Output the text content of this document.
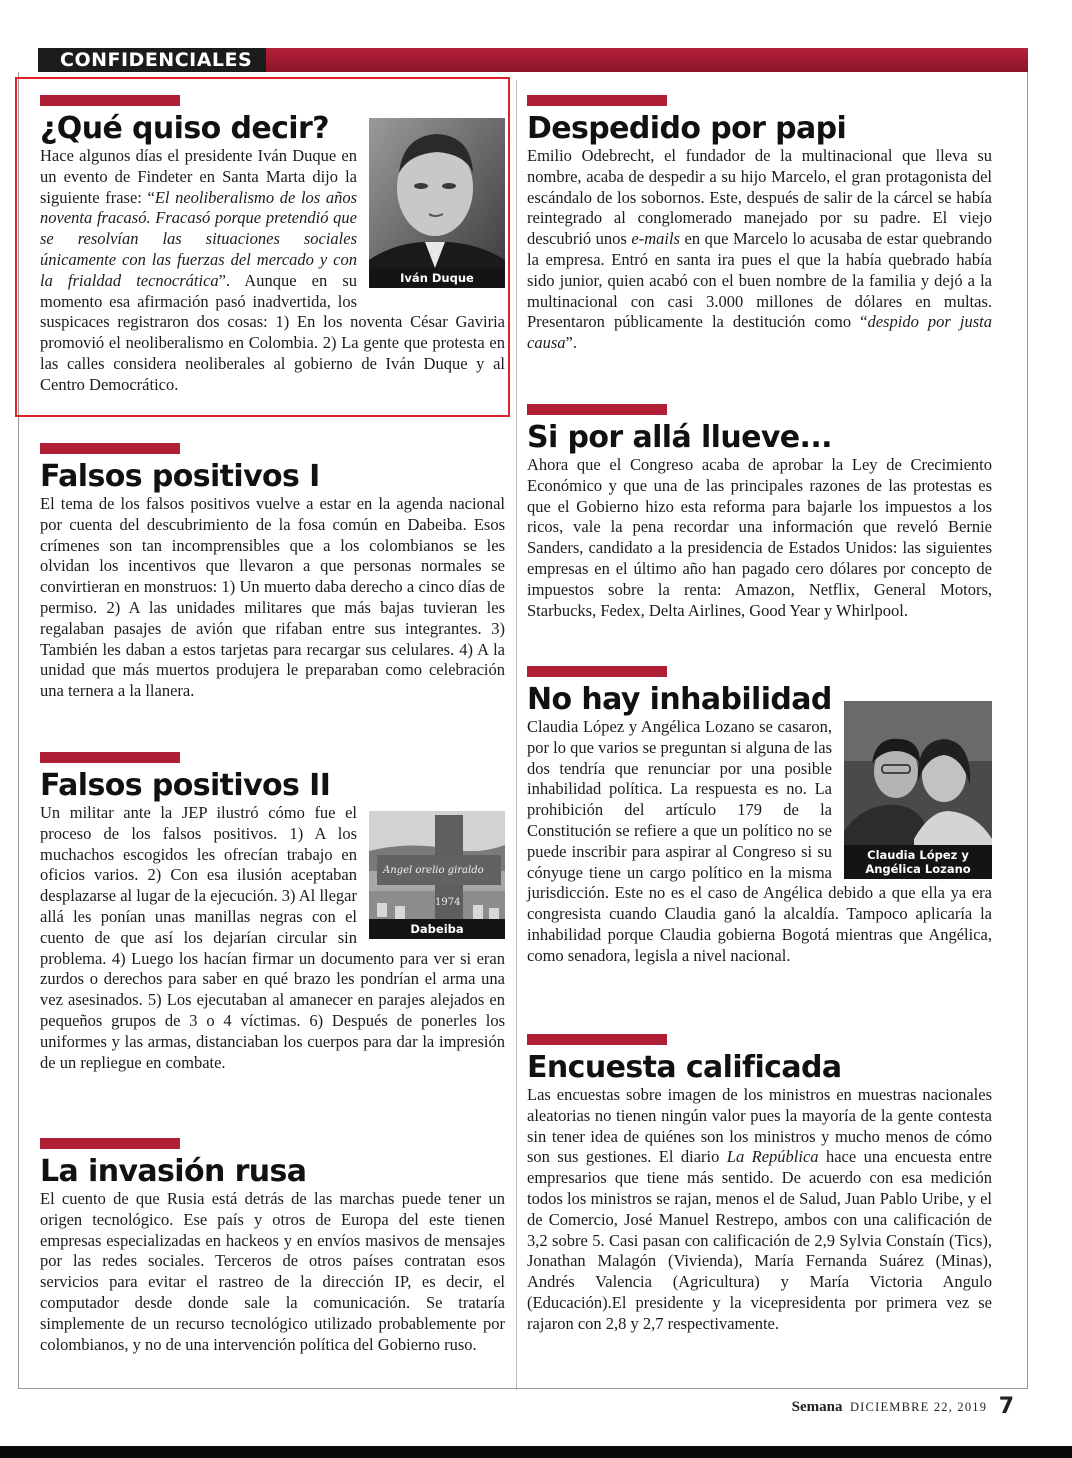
CONFIDENCIALES
¿Qué quiso decir?
Iván Duque

Hace algunos días el presidente Iván Duque en un evento de Findeter en Santa Marta dijo la siguiente frase: “El neoliberalismo de los años noventa fracasó. Fracasó porque pretendió que se resolvían las situaciones sociales únicamente con las fuerzas del mercado y con la frialdad tecnocrática”. Aunque en su momento esa afirmación pasó inadvertida, los suspicaces registraron dos cosas: 1) En los noventa César Gaviria promovió el neoliberalismo en Colombia. 2) La gente que protesta en las calles considera neoliberales al gobierno de Iván Duque y al Centro Democrático.

Falsos positivos I

El tema de los falsos positivos vuelve a estar en la agenda nacional por cuenta del descubrimiento de la fosa común en Dabeiba. Esos crímenes son tan incomprensibles que a los colombianos se les olvidan los incentivos que llevaron a que personas normales se convirtieran en monstruos: 1) Un muerto daba derecho a cinco días de permiso. 2) A las unidades militares que más bajas tuvieran les regalaban pasajes de avión que rifaban entre sus integrantes. 3) También les daban a estos tarjetas para recargar sus celulares. 4) A la unidad que más muertos produjera le preparaban como celebración una ternera a la llanera.

Falsos positivos II
Angel orelio giraldo
1974
Dabeiba

Un militar ante la JEP ilustró cómo fue el proceso de los falsos positivos. 1) A los muchachos escogidos les ofrecían trabajo en oficios varios. 2) Con esa ilusión aceptaban desplazarse al lugar de la ejecución. 3) Al llegar allá les ponían unas manillas negras con el cuento de que así los dejarían circular sin problema. 4) Luego los hacían firmar un documento para ver si eran zurdos o derechos para saber en qué brazo les pondrían el arma una vez asesinados. 5) Los ejecutaban al amanecer en parajes alejados en pequeños grupos de 3 o 4 víctimas. 6) Después de ponerles los uniformes y las armas, distanciaban los cuerpos para dar la impresión de un repliegue en combate.

La invasión rusa

El cuento de que Rusia está detrás de las marchas puede tener un origen tecnológico. Ese país y otros de Europa del este tienen empresas especializadas en hackeos y en envíos masivos de mensajes por las redes sociales. Terceros de otros países contratan esos servicios para evitar el rastreo de la dirección IP, es decir, el computador desde donde sale la comunicación. Se trataría simplemente de un recurso tecnológico utilizado probablemente por colombianos, y no de una intervención política del Gobierno ruso.

Despedido por papi

Emilio Odebrecht, el fundador de la multinacional que lleva su nombre, acaba de despedir a su hijo Marcelo, el gran protagonista del escándalo de los sobornos. Este, después de salir de la cárcel se había reintegrado al conglomerado manejado por su padre. El viejo descubrió unos e-mails en que Marcelo lo acusaba de estar quebrando la empresa. Entró en santa ira pues el que la había quebrado había sido junior, quien acabó con el buen nombre de la familia y dejó a la multinacional con casi 3.000 millones de dólares en multas. Presentaron públicamente la destitución como “despido por justa causa”.

Si por allá llueve...

Ahora que el Congreso acaba de aprobar la Ley de Crecimiento Económico y que una de las principales razones de las protestas es que el Gobierno hizo esta reforma para bajarle los impuestos a los ricos, vale la pena recordar una información que reveló Bernie Sanders, candidato a la presidencia de Estados Unidos: las siguientes empresas en el último año han pagado cero dólares por concepto de impuestos sobre la renta: Amazon, Netflix, General Motors, Starbucks, Fedex, Delta Airlines, Good Year y Whirlpool.

No hay inhabilidad
Claudia López y
Angélica Lozano

Claudia López y Angélica Lozano se casaron, por lo que varios se preguntan si alguna de las dos tendría que renunciar por una posible inhabilidad política. La respuesta es no. La prohibición del artículo 179 de la Constitución se refiere a que un político no se puede inscribir para aspirar al Congreso si su cónyuge tiene un cargo político en la misma jurisdicción. Este no es el caso de Angélica debido a que ella ya era congresista cuando Claudia ganó la alcaldía. Tampoco aplicaría la inhabilidad porque Claudia gobierna Bogotá mientras que Angélica, como senadora, legisla a nivel nacional.

Encuesta calificada

Las encuestas sobre imagen de los ministros en muestras nacionales aleatorias no tienen ningún valor pues la mayoría de la gente contesta sin tener idea de quiénes son los ministros y mucho menos de cómo son sus gestiones. El diario La República hace una encuesta entre empresarios que tiene más sentido. De acuerdo con esa medición todos los ministros se rajan, menos el de Salud, Juan Pablo Uribe, y el de Comercio, José Manuel Restrepo, ambos con una calificación de 3,2 sobre 5. Casi pasan con calificación de 2,9 Sylvia Constaín (Tics), Jonathan Malagón (Vivienda), María Fernanda Suárez (Minas), Andrés Valencia (Agricultura) y María Victoria Angulo (Educación).El presidente y la vicepresidenta por primera vez se rajaron con 2,8 y 2,7 respectivamente.

Semana DICIEMBRE 22, 2019 7
